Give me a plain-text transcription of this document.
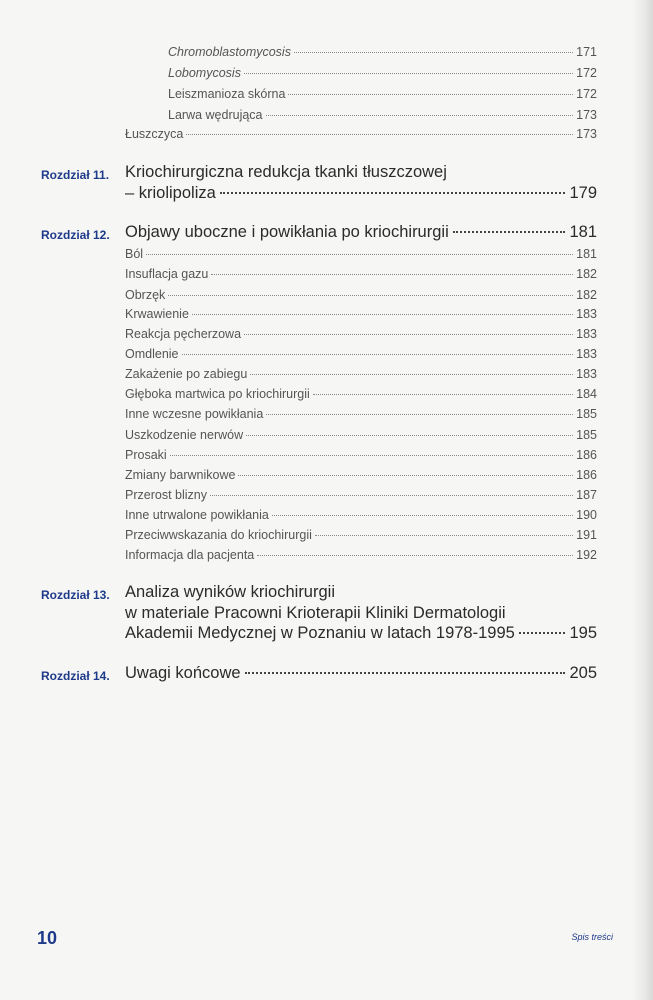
Chromoblastomycosis	171
Lobomycosis	172
Leiszmanioza skórna	172
Larwa wędrująca	173
Łuszczyca	173
Rozdział 11. Kriochirurgiczna redukcja tkanki tłuszczowej
– kriolipoliza	179
Rozdział 12. Objawy uboczne i powikłania po kriochirurgii	181
Ból	181
Insuflacja gazu	182
Obrzęk	182
Krwawienie	183
Reakcja pęcherzowa	183
Omdlenie	183
Zakażenie po zabiegu	183
Głęboka martwica po kriochirurgii	184
Inne wczesne powikłania	185
Uszkodzenie nerwów	185
Prosaki	186
Zmiany barwnikowe	186
Przerost blizny	187
Inne utrwalone powikłania	190
Przeciwwskazania do kriochirurgii	191
Informacja dla pacjenta	192
Rozdział 13. Analiza wyników kriochirurgii
w materiale Pracowni Krioterapii Kliniki Dermatologii
Akademii Medycznej w Poznaniu w latach 1978-1995	195
Rozdział 14. Uwagi końcowe	205
10	Spis treści
